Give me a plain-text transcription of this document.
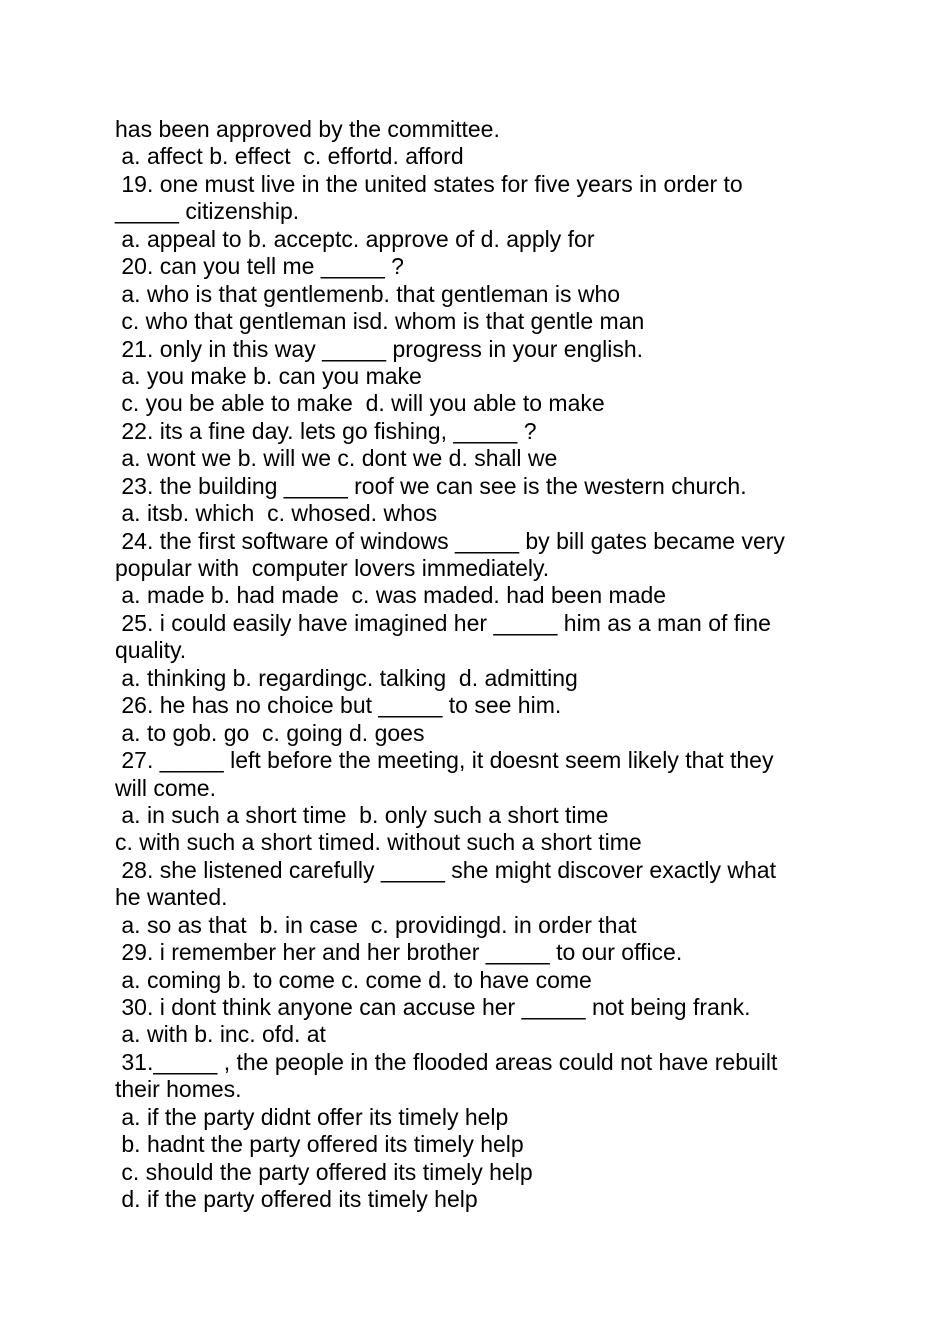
has been approved by the committee.
a. affect b. effect  c. effortd. afford
19. one must live in the united states for five years in order to
_____ citizenship.
a. appeal to b. acceptc. approve of d. apply for
20. can you tell me _____ ?
a. who is that gentlemenb. that gentleman is who
c. who that gentleman isd. whom is that gentle man
21. only in this way _____ progress in your english.
a. you make b. can you make
c. you be able to make  d. will you able to make
22. its a fine day. lets go fishing, _____ ?
a. wont we b. will we c. dont we d. shall we
23. the building _____ roof we can see is the western church.
a. itsb. which  c. whosed. whos
24. the first software of windows _____ by bill gates became very
popular with  computer lovers immediately.
a. made b. had made  c. was maded. had been made
25. i could easily have imagined her _____ him as a man of fine
quality.
a. thinking b. regardingc. talking  d. admitting
26. he has no choice but _____ to see him.
a. to gob. go  c. going d. goes
27. _____ left before the meeting, it doesnt seem likely that they
will come.
a. in such a short time  b. only such a short time
c. with such a short timed. without such a short time
28. she listened carefully _____ she might discover exactly what
he wanted.
a. so as that  b. in case  c. providingd. in order that
29. i remember her and her brother _____ to our office.
a. coming b. to come c. come d. to have come
30. i dont think anyone can accuse her _____ not being frank.
a. with b. inc. ofd. at
31._____ , the people in the flooded areas could not have rebuilt
their homes.
a. if the party didnt offer its timely help
b. hadnt the party offered its timely help
c. should the party offered its timely help
d. if the party offered its timely help
